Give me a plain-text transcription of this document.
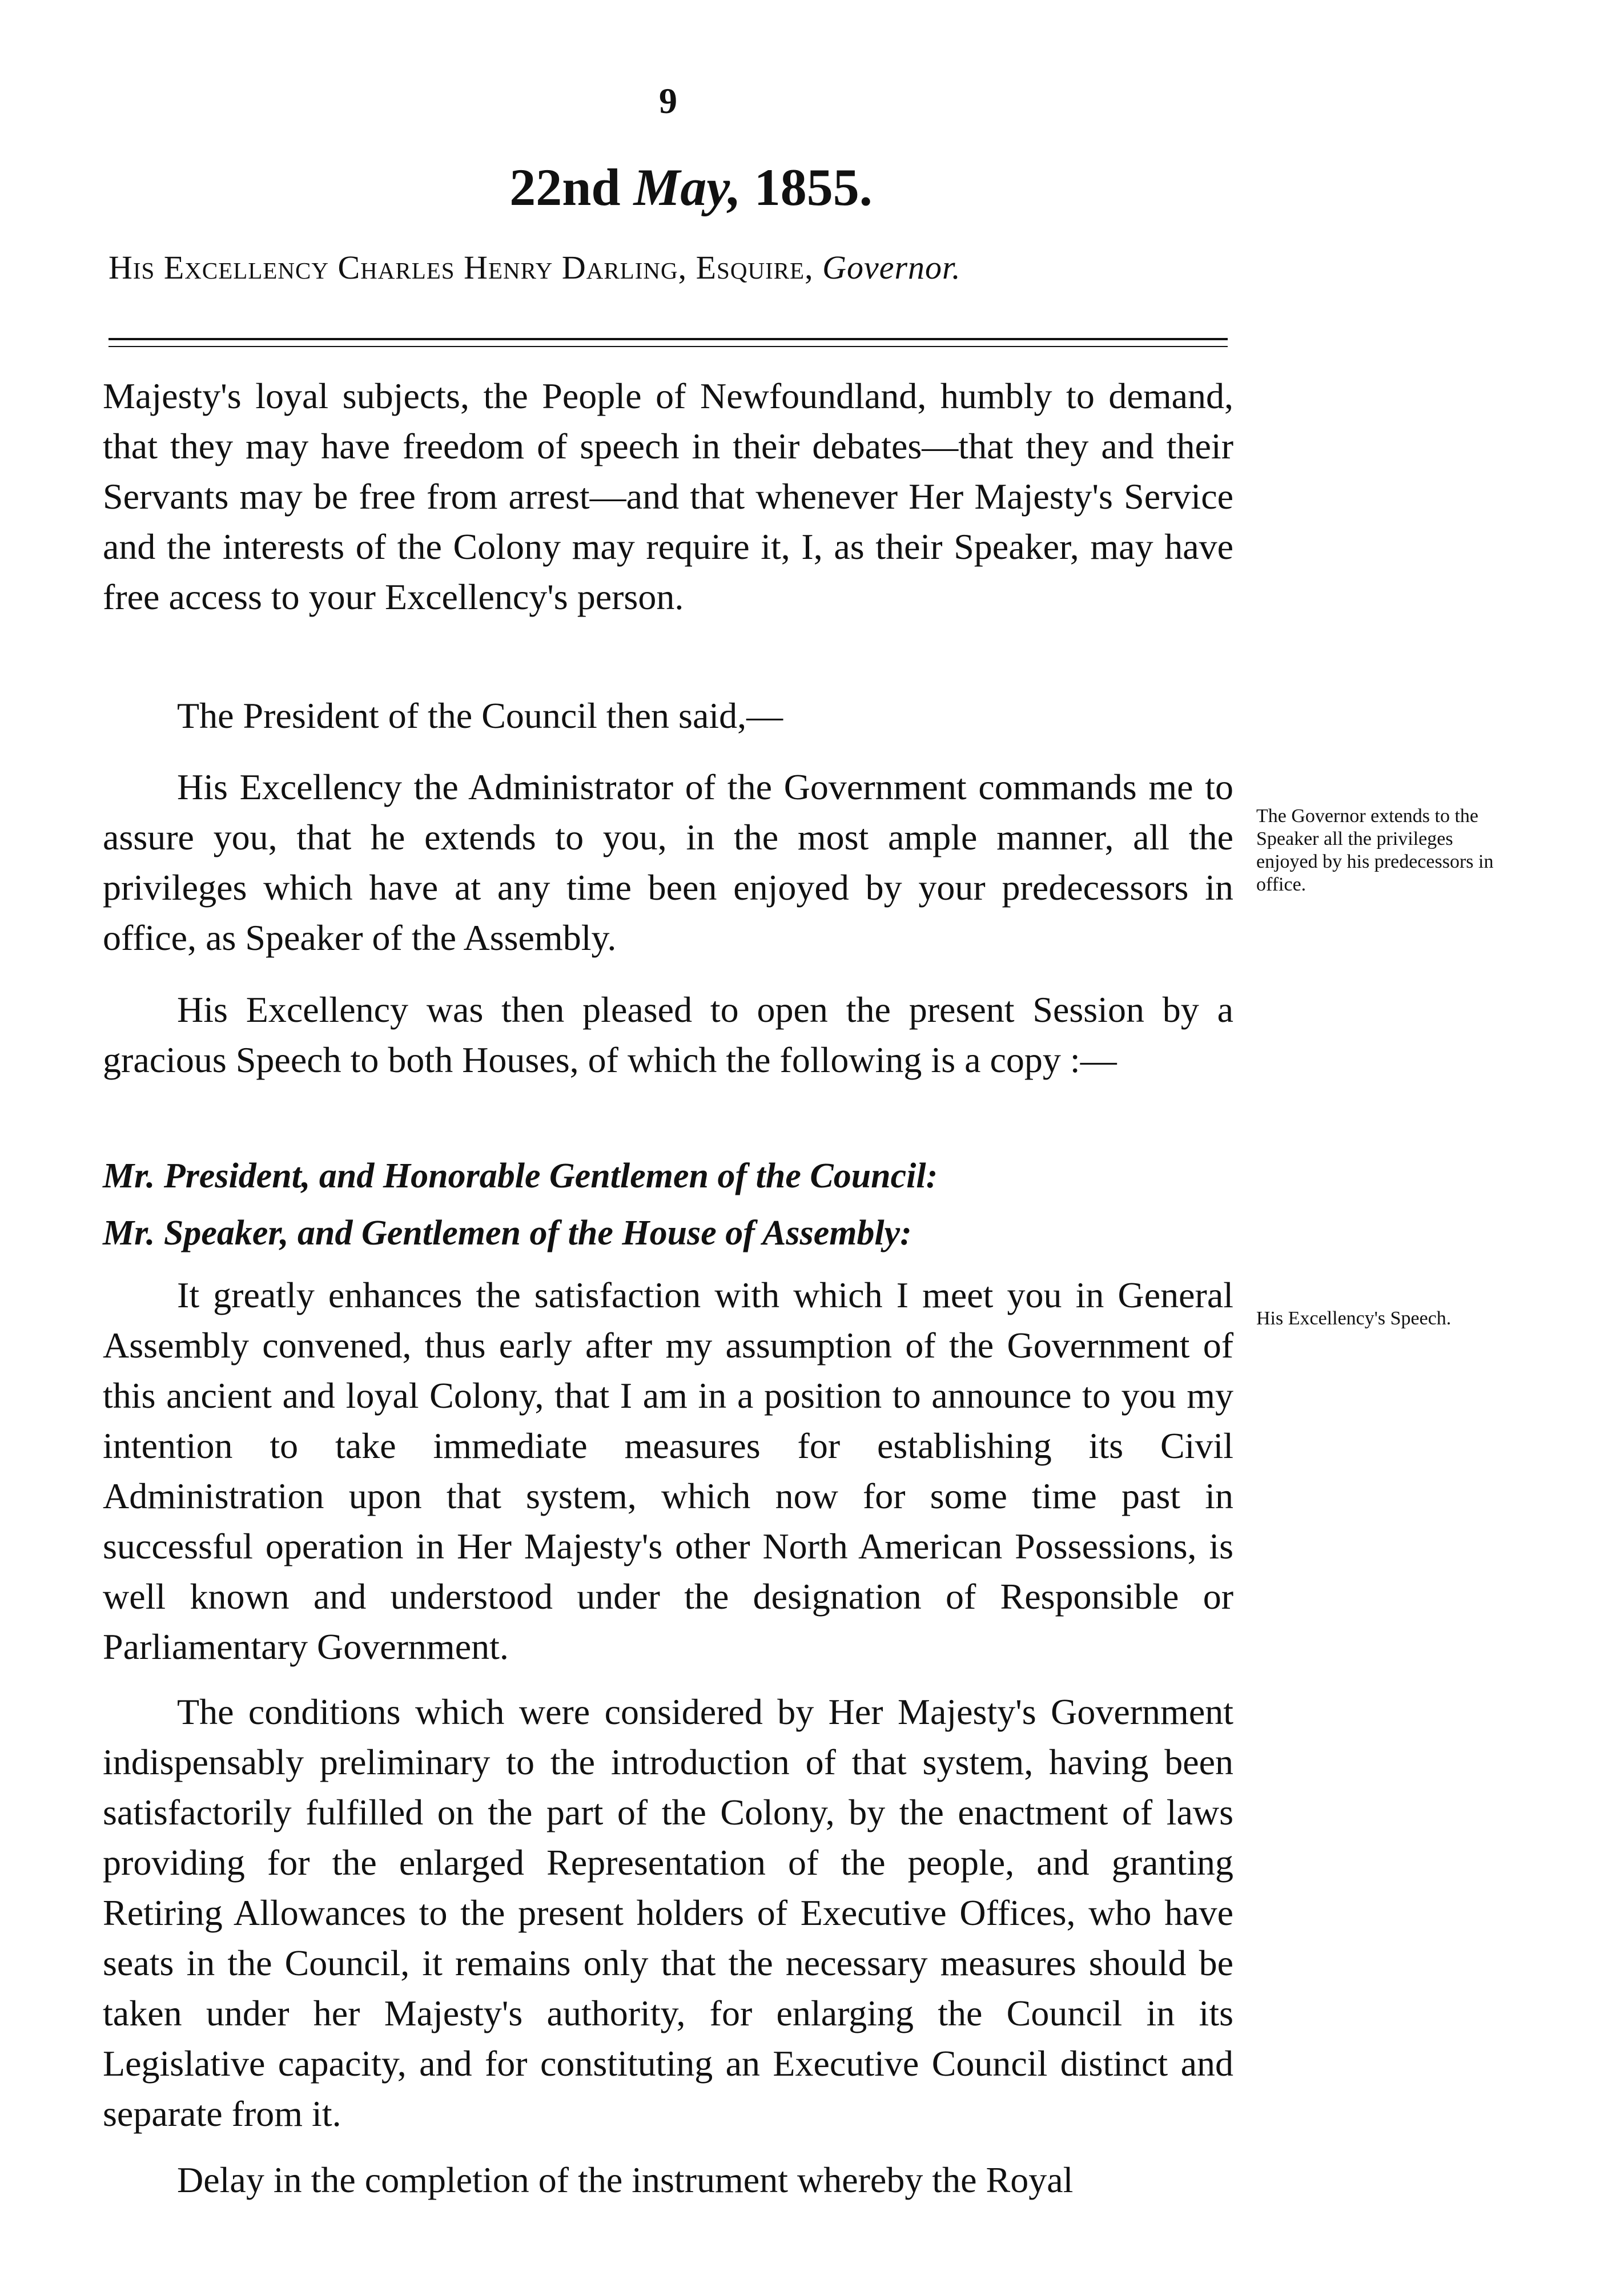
9
22nd May, 1855.
His Excellency Charles Henry Darling, Esquire, Governor.

Majesty's loyal subjects, the People of Newfoundland, humbly to demand, that they may have freedom of speech in their debates—that they and their Servants may be free from arrest—and that whenever Her Majesty's Service and the interests of the Colony may require it, I, as their Speaker, may have free access to your Excellency's person.

The President of the Council then said,—

His Excellency the Administrator of the Government commands me to assure you, that he extends to you, in the most ample manner, all the privileges which have at any time been enjoyed by your predecessors in office, as Speaker of the Assembly.

The Governor extends to the Speaker all the privileges enjoyed by his predecessors in office.

His Excellency was then pleased to open the present Session by a gracious Speech to both Houses, of which the following is a copy :—

Mr. President, and Honorable Gentlemen of the Council:

Mr. Speaker, and Gentlemen of the House of Assembly:

It greatly enhances the satisfaction with which I meet you in General Assembly convened, thus early after my assumption of the Government of this ancient and loyal Colony, that I am in a position to announce to you my intention to take immediate measures for establishing its Civil Administration upon that system, which now for some time past in successful operation in Her Majesty's other North American Possessions, is well known and understood under the designation of Responsible or Parliamentary Government.

His Excellency's Speech.

The conditions which were considered by Her Majesty's Government indispensably preliminary to the introduction of that system, having been satisfactorily fulfilled on the part of the Colony, by the enactment of laws providing for the enlarged Representation of the people, and granting Retiring Allowances to the present holders of Executive Offices, who have seats in the Council, it remains only that the necessary measures should be taken under her Majesty's authority, for enlarging the Council in its Legislative capacity, and for constituting an Executive Council distinct and separate from it.

Delay in the completion of the instrument whereby the Royal
